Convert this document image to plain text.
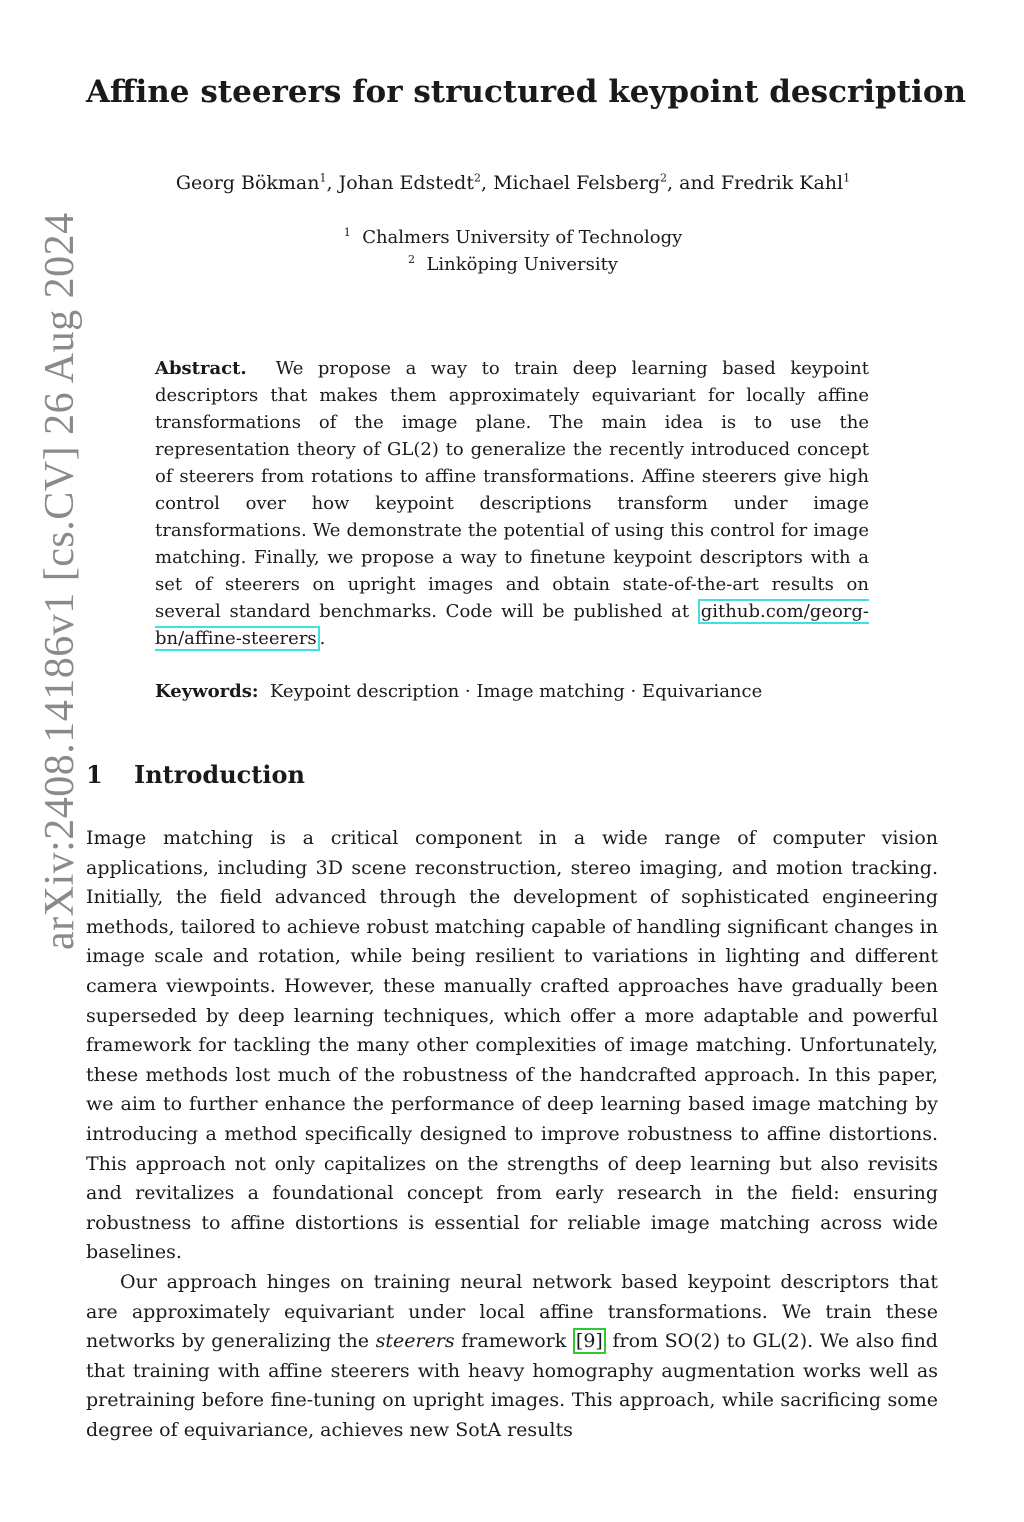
arXiv:2408.14186v1 [cs.CV] 26 Aug 2024
Affine steerers for structured keypoint description
Georg Bökman$^1$, Johan Edstedt$^2$, Michael Felsberg$^2$, and Fredrik Kahl$^1$
$^1$ Chalmers University of Technology
$^2$ Linköping University
Abstract. We propose a way to train deep learning based keypoint descriptors that makes them approximately equivariant for locally affine transformations of the image plane. The main idea is to use the representation theory of GL(2) to generalize the recently introduced concept of steerers from rotations to affine transformations. Affine steerers give high control over how keypoint descriptions transform under image transformations. We demonstrate the potential of using this control for image matching. Finally, we propose a way to finetune keypoint descriptors with a set of steerers on upright images and obtain state-of-the-art results on several standard benchmarks. Code will be published at github.com/georg-bn/affine-steerers .
Keywords: Keypoint description · Image matching · Equivariance
1 Introduction

Image matching is a critical component in a wide range of computer vision applications, including 3D scene reconstruction, stereo imaging, and motion tracking. Initially, the field advanced through the development of sophisticated engineering methods, tailored to achieve robust matching capable of handling significant changes in image scale and rotation, while being resilient to variations in lighting and different camera viewpoints. However, these manually crafted approaches have gradually been superseded by deep learning techniques, which offer a more adaptable and powerful framework for tackling the many other complexities of image matching. Unfortunately, these methods lost much of the robustness of the handcrafted approach. In this paper, we aim to further enhance the performance of deep learning based image matching by introducing a method specifically designed to improve robustness to affine distortions. This approach not only capitalizes on the strengths of deep learning but also revisits and revitalizes a foundational concept from early research in the field: ensuring robustness to affine distortions is essential for reliable image matching across wide baselines.

Our approach hinges on training neural network based keypoint descriptors that are approximately equivariant under local affine transformations. We train these networks by generalizing the steerers framework [9] from SO(2) to GL(2). We also find that training with affine steerers with heavy homography augmentation works well as pretraining before fine-tuning on upright images. This approach, while sacrificing some degree of equivariance, achieves new SotA results
